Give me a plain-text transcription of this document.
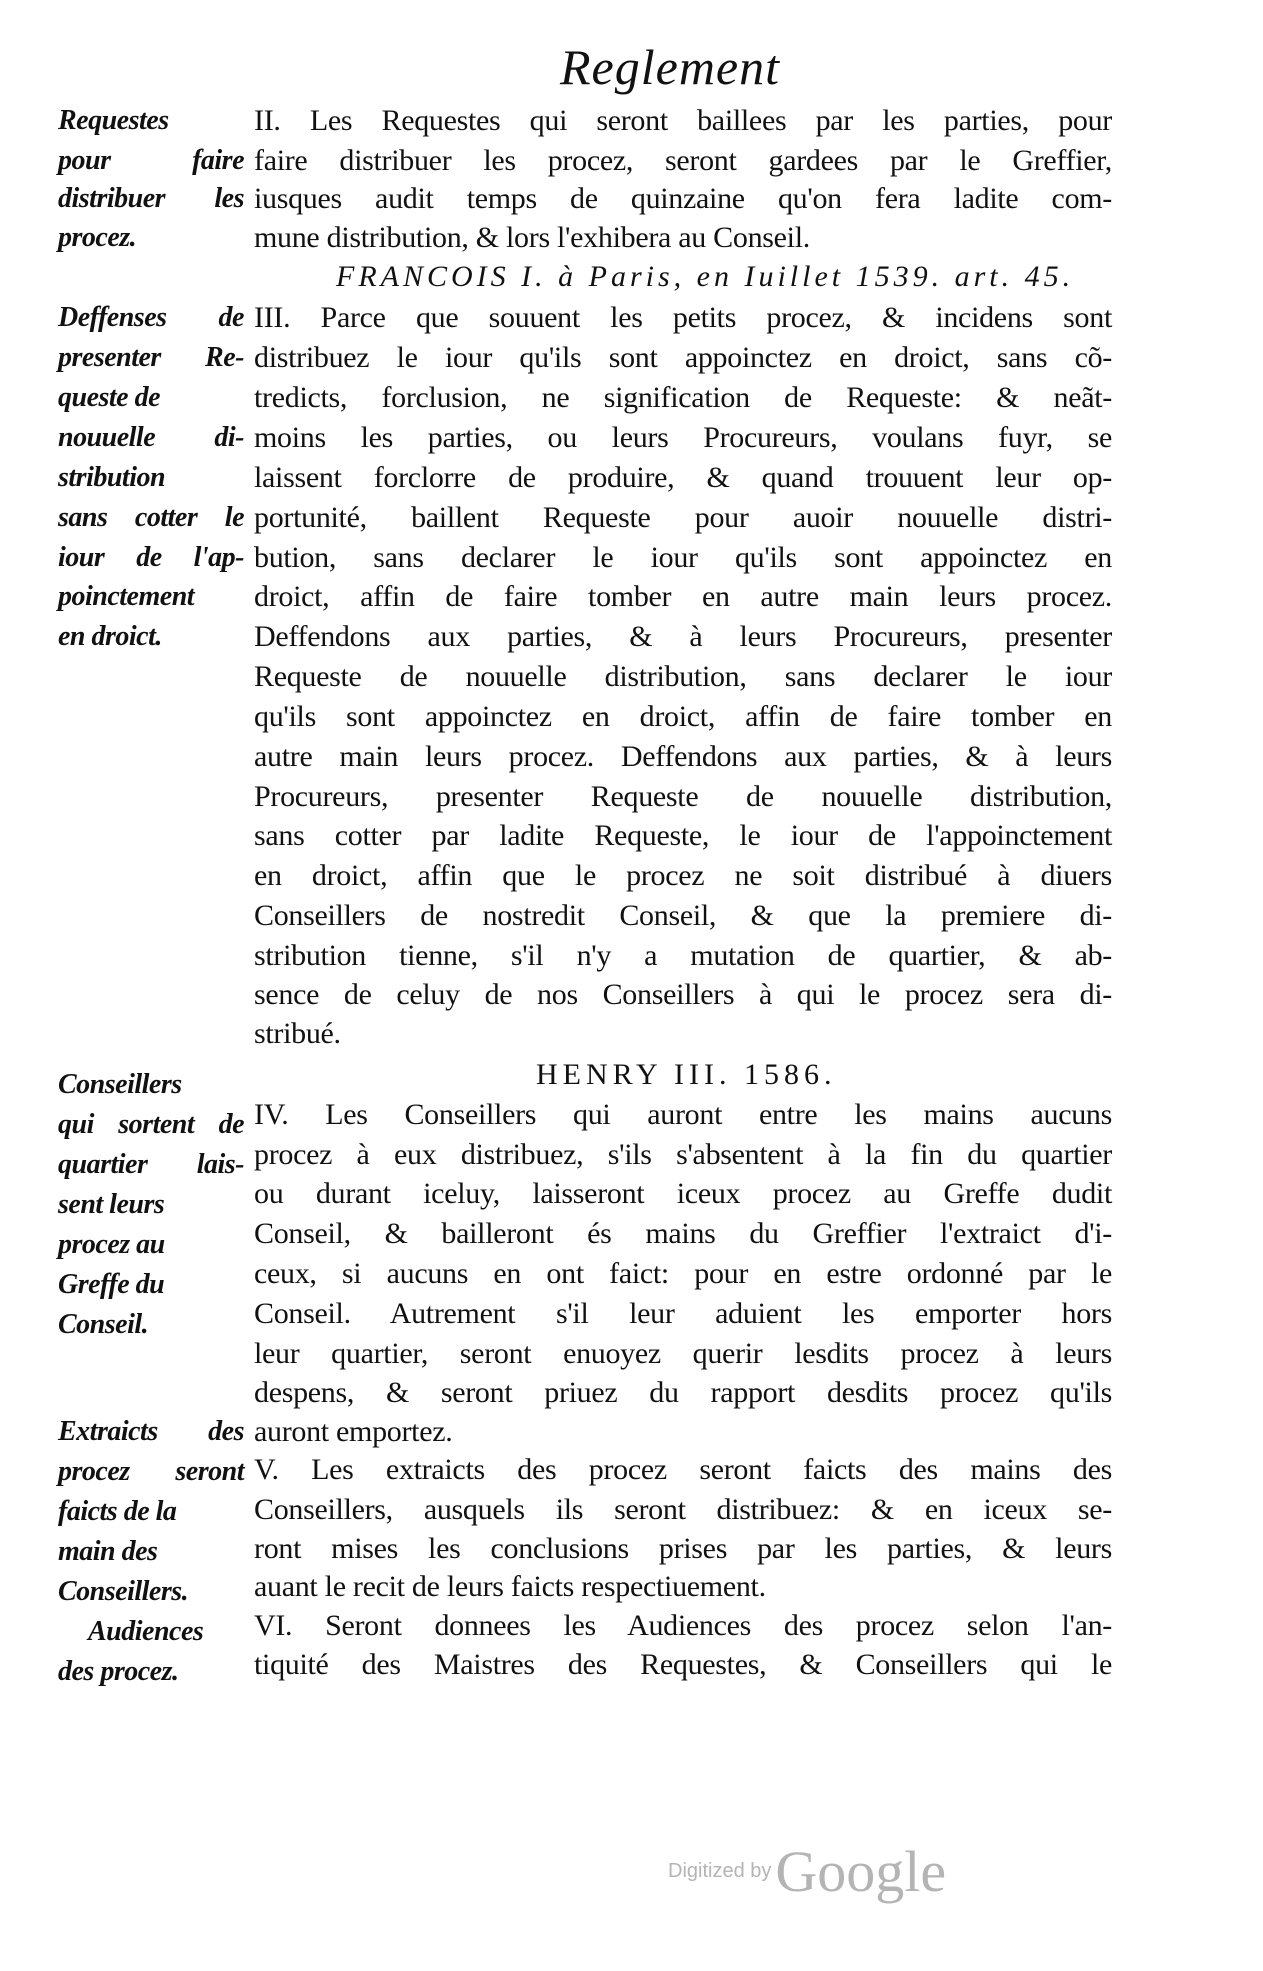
Reglement
II. Les Requestes qui seront baillees par les parties, pour
faire distribuer les procez, seront gardees par le Greffier,
iusques audit temps de quinzaine qu'on fera ladite com-
mune distribution, & lors l'exhibera au Conseil.
FRANCOIS I. à Paris, en Iuillet 1539. art. 45.
III. Parce que souuent les petits procez, & incidens sont
distribuez le iour qu'ils sont appoinctez en droict, sans cõ-
tredicts, forclusion, ne signification de Requeste: & neãt-
moins les parties, ou leurs Procureurs, voulans fuyr, se
laissent forclorre de produire, & quand trouuent leur op-
portunité, baillent Requeste pour auoir nouuelle distri-
bution, sans declarer le iour qu'ils sont appoinctez en
droict, affin de faire tomber en autre main leurs procez.
Deffendons aux parties, & à leurs Procureurs, presenter
Requeste de nouuelle distribution, sans declarer le iour
qu'ils sont appoinctez en droict, affin de faire tomber en
autre main leurs procez. Deffendons aux parties, & à leurs
Procureurs, presenter Requeste de nouuelle distribution,
sans cotter par ladite Requeste, le iour de l'appoinctement
en droict, affin que le procez ne soit distribué à diuers
Conseillers de nostredit Conseil, & que la premiere di-
stribution tienne, s'il n'y a mutation de quartier, & ab-
sence de celuy de nos Conseillers à qui le procez sera di-
stribué.
HENRY III. 1586.
IV. Les Conseillers qui auront entre les mains aucuns
procez à eux distribuez, s'ils s'absentent à la fin du quartier
ou durant iceluy, laisseront iceux procez au Greffe dudit
Conseil, & bailleront és mains du Greffier l'extraict d'i-
ceux, si aucuns en ont faict: pour en estre ordonné par le
Conseil. Autrement s'il leur aduient les emporter hors
leur quartier, seront enuoyez querir lesdits procez à leurs
despens, & seront priuez du rapport desdits procez qu'ils
auront emportez.
V. Les extraicts des procez seront faicts des mains des
Conseillers, ausquels ils seront distribuez: & en iceux se-
ront mises les conclusions prises par les parties, & leurs
auant le recit de leurs faicts respectiuement.
VI. Seront donnees les Audiences des procez selon l'an-
tiquité des Maistres des Requestes, & Conseillers qui le
Requestes
pour faire
distribuer les
procez.
Deffenses de
presenter Re-
queste de
nouuelle di-
stribution
sans cotter le
iour de l'ap-
poinctement
en droict.
Conseillers
qui sortent de
quartier lais-
sent leurs
procez au
Greffe du
Conseil.
Extraicts des
procez seront
faicts de la
main des
Conseillers.
Audiences
des procez.
Digitized byGoogle
